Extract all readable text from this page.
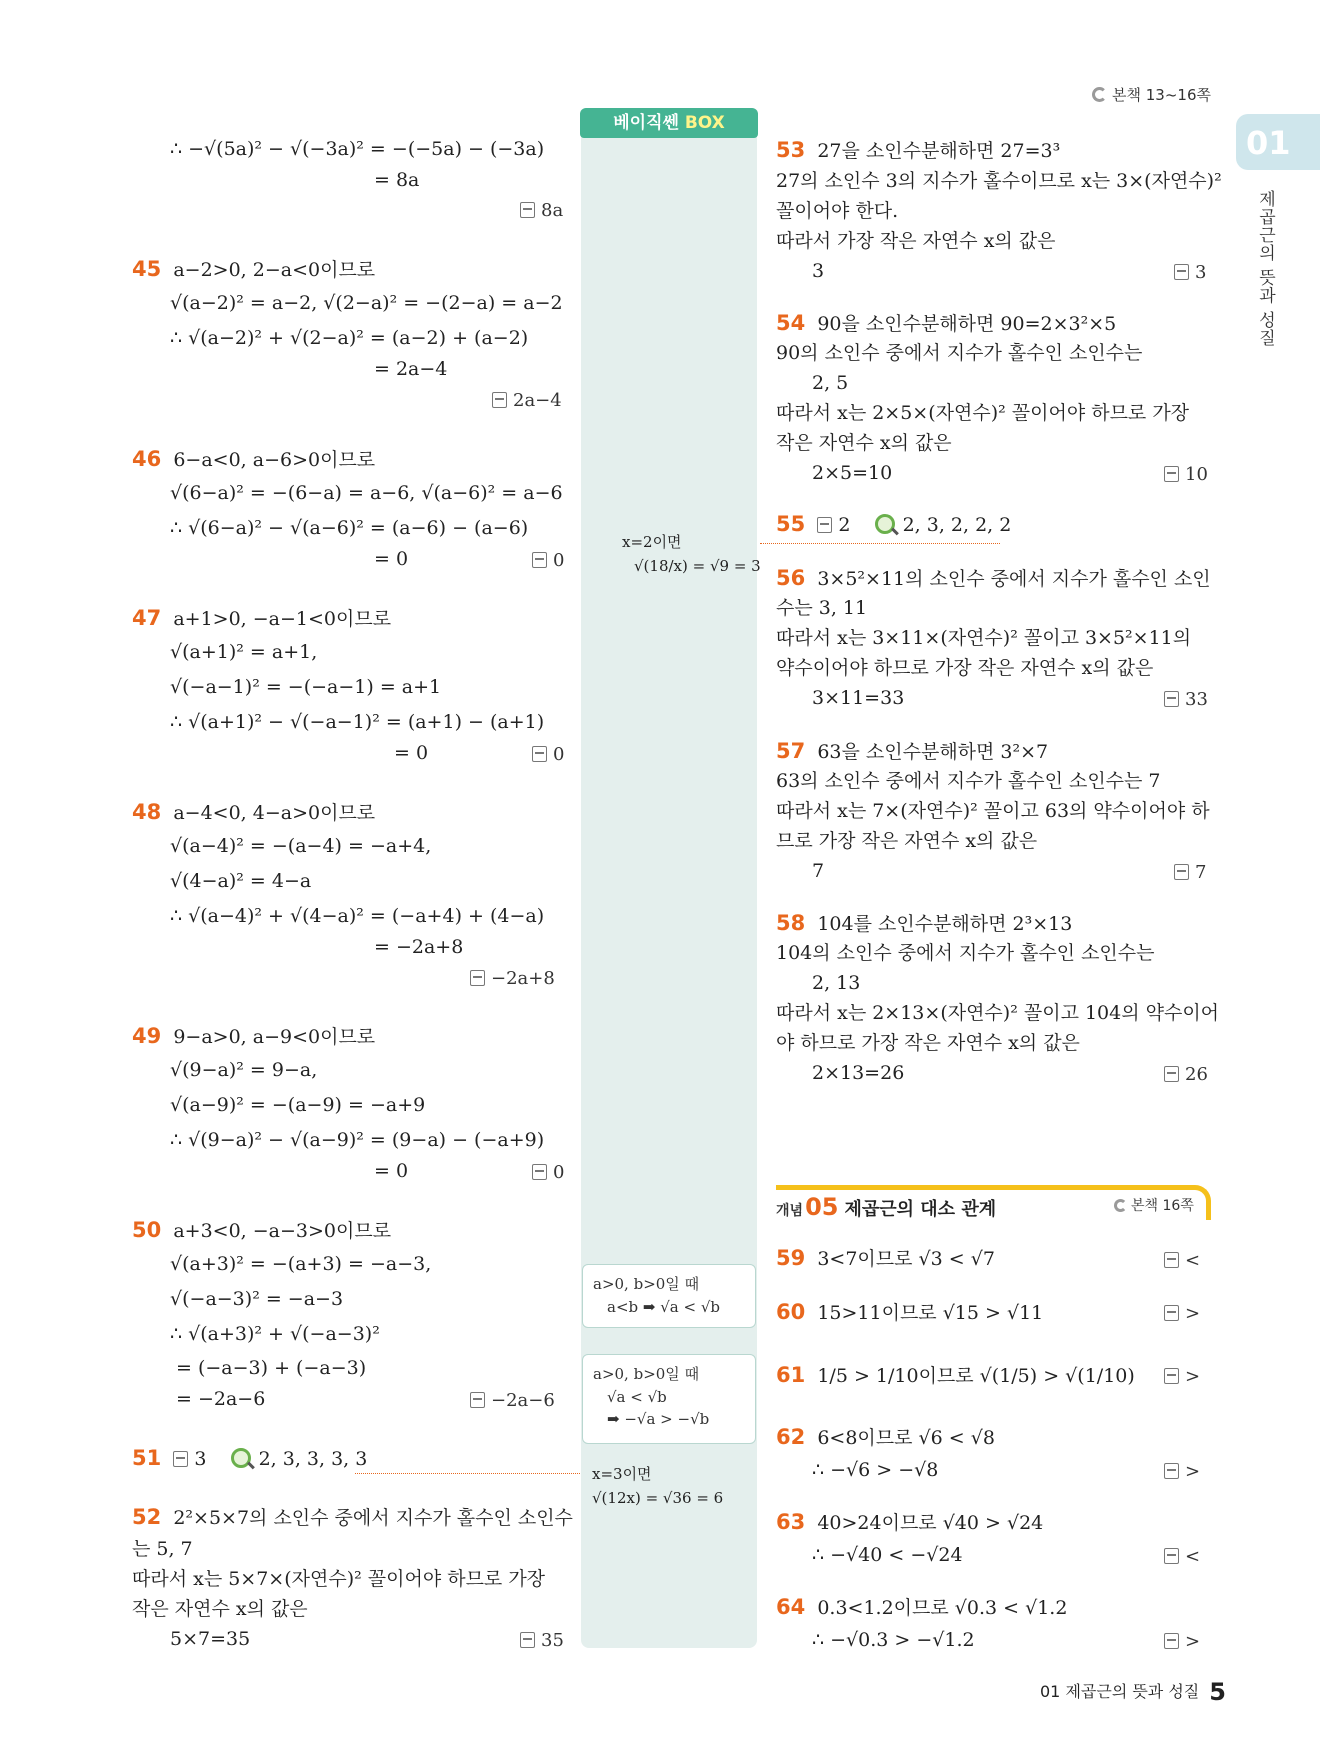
본책 13~16쪽
01
제곱근의 뜻과 성질
베이직쎈 BOX
x=2이면
√(18/x) = √9 = 3
a>0, b>0일 때
a<b ➡ √a < √b
a>0, b>0일 때
√a < √b
➡ −√a > −√b
x=3이면
√(12x) = √36 = 6
∴ −√(5a)² − √(−3a)² = −(−5a) − (−3a)
= 8a
8a
45 a−2>0, 2−a<0이므로
√(a−2)² = a−2, √(2−a)² = −(2−a) = a−2
∴ √(a−2)² + √(2−a)² = (a−2) + (a−2)
= 2a−4
2a−4
46 6−a<0, a−6>0이므로
√(6−a)² = −(6−a) = a−6, √(a−6)² = a−6
∴ √(6−a)² − √(a−6)² = (a−6) − (a−6)
= 0	0
47 a+1>0, −a−1<0이므로
√(a+1)² = a+1,
√(−a−1)² = −(−a−1) = a+1
∴ √(a+1)² − √(−a−1)² = (a+1) − (a+1)
= 0	0
48 a−4<0, 4−a>0이므로
√(a−4)² = −(a−4) = −a+4,
√(4−a)² = 4−a
∴ √(a−4)² + √(4−a)² = (−a+4) + (4−a)
= −2a+8
−2a+8
49 9−a>0, a−9<0이므로
√(9−a)² = 9−a,
√(a−9)² = −(a−9) = −a+9
∴ √(9−a)² − √(a−9)² = (9−a) − (−a+9)
= 0	0
50 a+3<0, −a−3>0이므로
√(a+3)² = −(a+3) = −a−3,
√(−a−3)² = −a−3
∴ √(a+3)² + √(−a−3)²
= (−a−3) + (−a−3)
= −2a−6	−2a−6
51 3	2, 3, 3, 3, 3
52 2²×5×7의 소인수 중에서 지수가 홀수인 소인수
는 5, 7
따라서 x는 5×7×(자연수)² 꼴이어야 하므로 가장
작은 자연수 x의 값은
5×7=35	35
53 27을 소인수분해하면 27=3³
27의 소인수 3의 지수가 홀수이므로 x는 3×(자연수)²
꼴이어야 한다.
따라서 가장 작은 자연수 x의 값은
3	3
54 90을 소인수분해하면 90=2×3²×5
90의 소인수 중에서 지수가 홀수인 소인수는
2, 5
따라서 x는 2×5×(자연수)² 꼴이어야 하므로 가장
작은 자연수 x의 값은
2×5=10	10
55 2	2, 3, 2, 2, 2
56 3×5²×11의 소인수 중에서 지수가 홀수인 소인
수는 3, 11
따라서 x는 3×11×(자연수)² 꼴이고 3×5²×11의
약수이어야 하므로 가장 작은 자연수 x의 값은
3×11=33	33
57 63을 소인수분해하면 3²×7
63의 소인수 중에서 지수가 홀수인 소인수는 7
따라서 x는 7×(자연수)² 꼴이고 63의 약수이어야 하
므로 가장 작은 자연수 x의 값은
7	7
58 104를 소인수분해하면 2³×13
104의 소인수 중에서 지수가 홀수인 소인수는
2, 13
따라서 x는 2×13×(자연수)² 꼴이고 104의 약수이어
야 하므로 가장 작은 자연수 x의 값은
2×13=26	26
개념05 제곱근의 대소 관계	본책 16쪽
59 3<7이므로 √3 < √7	<
60 15>11이므로 √15 > √11	>
61 1/5 > 1/10이므로 √(1/5) > √(1/10)	>
62 6<8이므로 √6 < √8
∴ −√6 > −√8	>
63 40>24이므로 √40 > √24
∴ −√40 < −√24	<
64 0.3<1.2이므로 √0.3 < √1.2
∴ −√0.3 > −√1.2	>
01 제곱근의 뜻과 성질 5
